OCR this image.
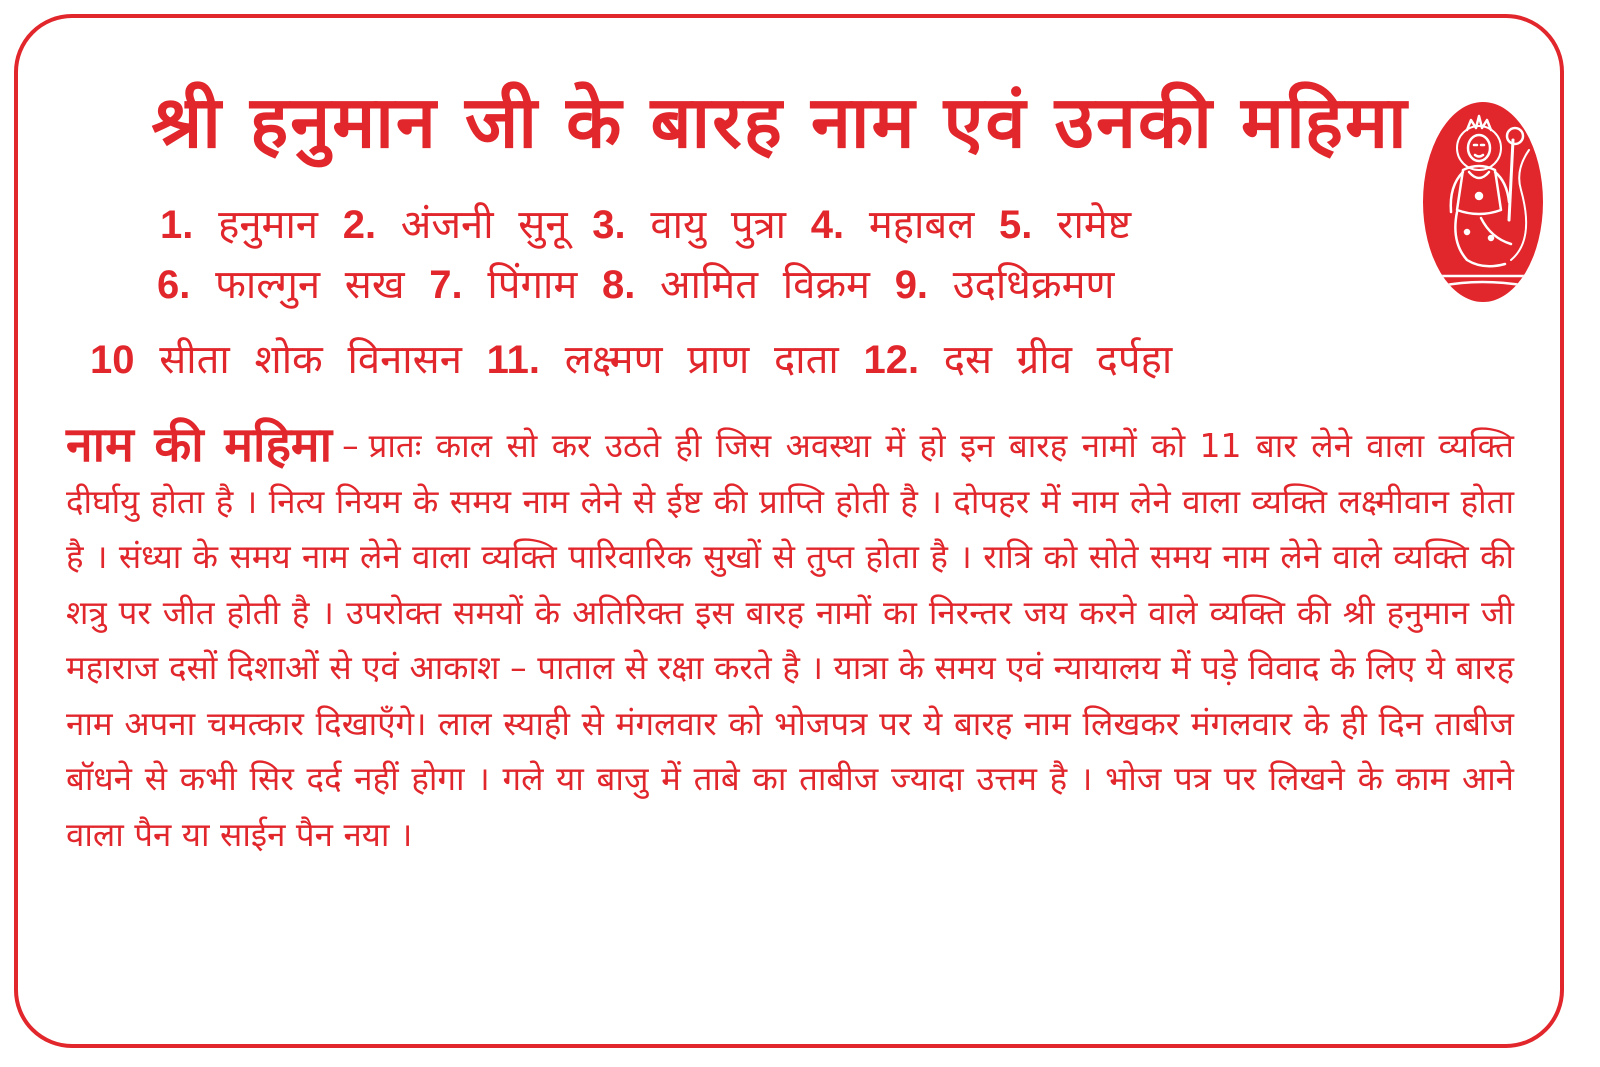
श्री हनुमान जी के बारह नाम एवं उनकी महिमा
1. हनुमान 2. अंजनी सुनू 3. वायु पुत्रा 4. महाबल 5. रामेष्ट
6. फाल्गुन सख 7. पिंगाम 8. आमित विक्रम 9. उदधिक्रमण
10 सीता शोक विनासन 11. लक्ष्मण प्राण दाता 12. दस ग्रीव दर्पहा
नाम की महिमा – प्रातः काल सो कर उठते ही जिस अवस्था में हो इन बारह नामों को 11 बार लेने वाला व्यक्ति दीर्घायु होता है । नित्य नियम के समय नाम लेने से ईष्ट की प्राप्ति होती है । दोपहर में नाम लेने वाला व्यक्ति लक्ष्मीवान होता है । संध्या के समय नाम लेने वाला व्यक्ति पारिवारिक सुखों से तुप्त होता है । रात्रि को सोते समय नाम लेने वाले व्यक्ति की शत्रु पर जीत होती है । उपरोक्त समयों के अतिरिक्त इस बारह नामों का निरन्तर जय करने वाले व्यक्ति की श्री हनुमान जी महाराज दसों दिशाओं से एवं आकाश – पाताल से रक्षा करते है । यात्रा के समय एवं न्यायालय में पड़े विवाद के लिए ये बारह नाम अपना चमत्कार दिखाएँगे। लाल स्याही से मंगलवार को भोजपत्र पर ये बारह नाम लिखकर मंगलवार के ही दिन ताबीज बॉधने से कभी सिर दर्द नहीं होगा । गले या बाजु में ताबे का ताबीज ज्यादा उत्तम है । भोज पत्र पर लिखने के काम आने वाला पैन या साईन पैन नया ।
